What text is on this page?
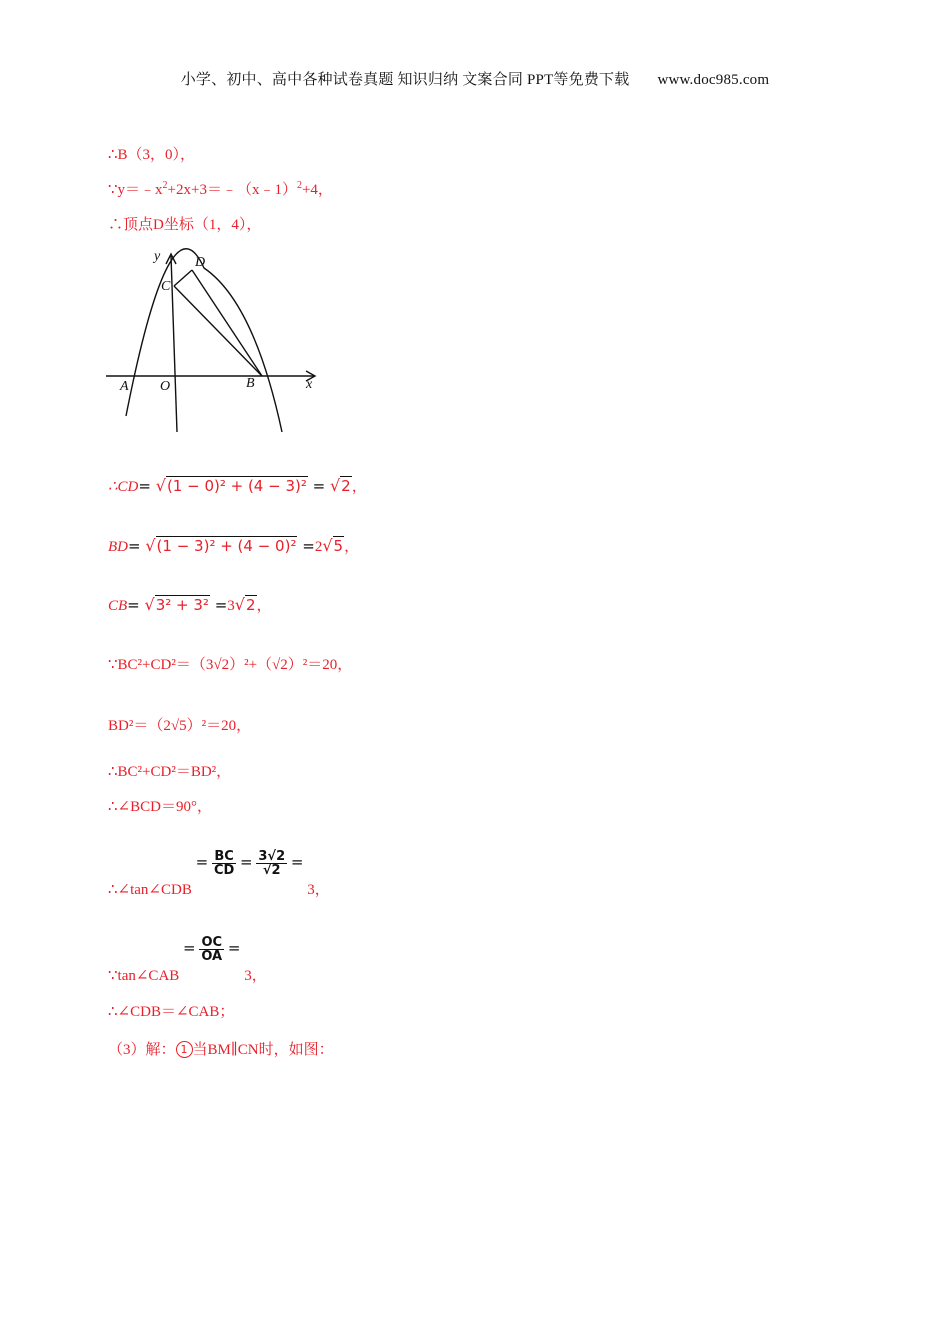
小学、初中、高中各种试卷真题 知识归纳 文案合同 PPT等免费下载 www.doc985.com
∴B（3，0），
$\because y=﹣x^2+2x+3=﹣(x﹣1)^2+4$，
∴顶点D坐标（1，4），
y D
C
A O	B	x
∴CD= √(1 − 0)² + (4 − 3)² = √2，
BD= √(1 − 3)² + (4 − 0)² =2√5，
CB= √3² + 3² =3√2，
∵BC²+CD²＝（3√2）²+（√2）²＝20，
BD²＝（2√5）²＝20，
∴BC²+CD²＝BD²，
∴∠BCD＝90°，
∴∠tan∠CDB = $\frac{BC}{CD} = \frac{3√2}{√2} = 3$，
∵tan∠CAB = $\frac{OC}{OA} = 3$，
∴∠CDB＝∠CAB；
（3）解： 1 当BM∥CN时，如图：
